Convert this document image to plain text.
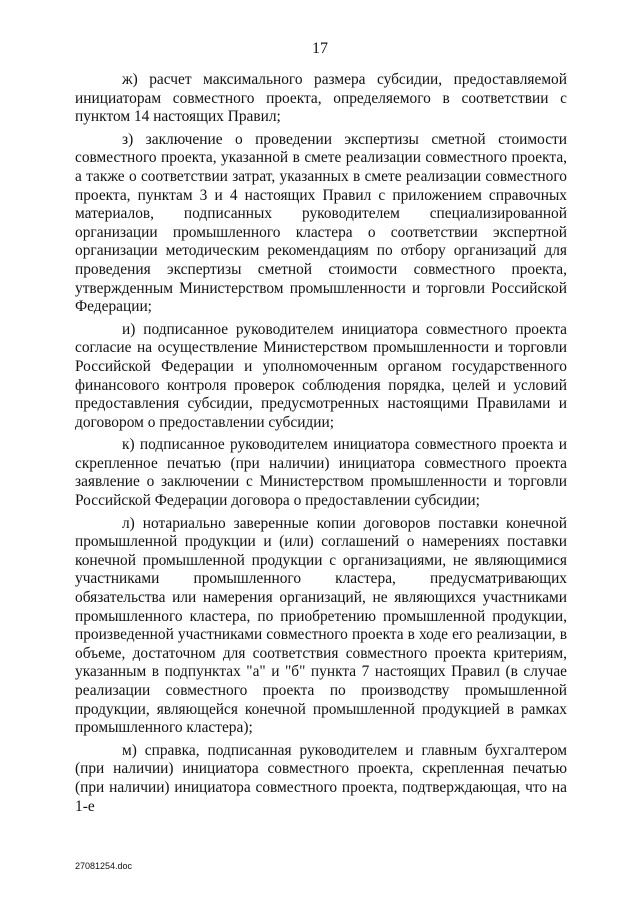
17

ж) расчет максимального размера субсидии, предоставляемой инициаторам совместного проекта, определяемого в соответствии с пунктом 14 настоящих Правил;

з) заключение о проведении экспертизы сметной стоимости совместного проекта, указанной в смете реализации совместного проекта, а также о соответствии затрат, указанных в смете реализации совместного проекта, пунктам 3 и 4 настоящих Правил с приложением справочных материалов, подписанных руководителем специализированной организации промышленного кластера о соответствии экспертной организации методическим рекомендациям по отбору организаций для проведения экспертизы сметной стоимости совместного проекта, утвержденным Министерством промышленности и торговли Российской Федерации;

и) подписанное руководителем инициатора совместного проекта согласие на осуществление Министерством промышленности и торговли Российской Федерации и уполномоченным органом государственного финансового контроля проверок соблюдения порядка, целей и условий предоставления субсидии, предусмотренных настоящими Правилами и договором о предоставлении субсидии;

к) подписанное руководителем инициатора совместного проекта и скрепленное печатью (при наличии) инициатора совместного проекта заявление о заключении с Министерством промышленности и торговли Российской Федерации договора о предоставлении субсидии;

л) нотариально заверенные копии договоров поставки конечной промышленной продукции и (или) соглашений о намерениях поставки конечной промышленной продукции с организациями, не являющимися участниками промышленного кластера, предусматривающих обязательства или намерения организаций, не являющихся участниками промышленного кластера, по приобретению промышленной продукции, произведенной участниками совместного проекта в ходе его реализации, в объеме, достаточном для соответствия совместного проекта критериям, указанным в подпунктах "а" и "б" пункта 7 настоящих Правил (в случае реализации совместного проекта по производству промышленной продукции, являющейся конечной промышленной продукцией в рамках промышленного кластера);

м) справка, подписанная руководителем и главным бухгалтером (при наличии) инициатора совместного проекта, скрепленная печатью (при наличии) инициатора совместного проекта, подтверждающая, что на 1-е

27081254.doc
